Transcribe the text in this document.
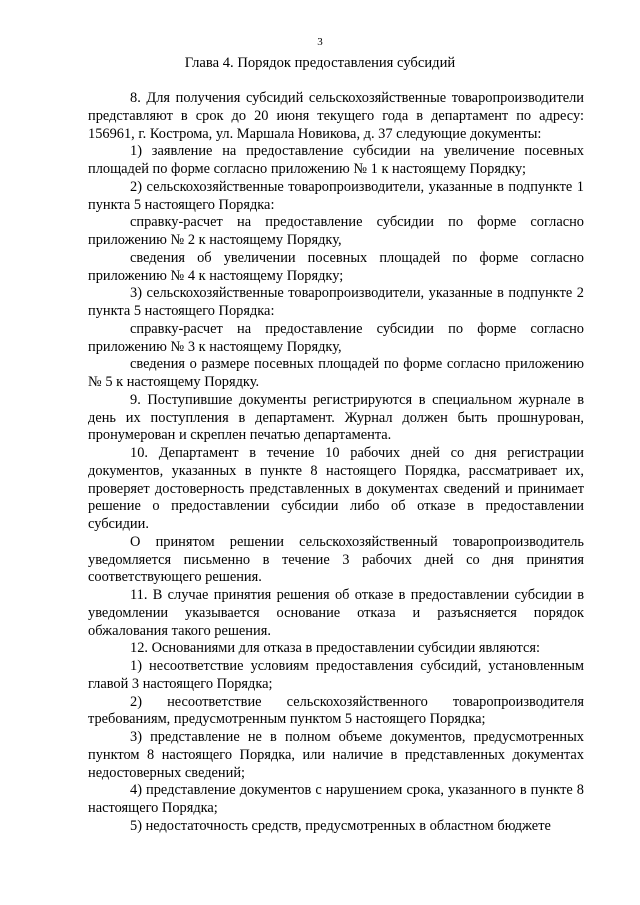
3
Глава 4. Порядок предоставления субсидий

8. Для получения субсидий сельскохозяйственные товаропроизводители представляют в срок до 20 июня текущего года в департамент по адресу: 156961, г. Кострома, ул. Маршала Новикова, д. 37 следующие документы:

1) заявление на предоставление субсидии на увеличение посевных площадей по форме согласно приложению № 1 к настоящему Порядку;

2) сельскохозяйственные товаропроизводители, указанные в подпункте 1 пункта 5 настоящего Порядка:

справку-расчет на предоставление субсидии по форме согласно приложению № 2 к настоящему Порядку,

сведения об увеличении посевных площадей по форме согласно приложению № 4 к настоящему Порядку;

3) сельскохозяйственные товаропроизводители, указанные в подпункте 2 пункта 5 настоящего Порядка:

справку-расчет на предоставление субсидии по форме согласно приложению № 3 к настоящему Порядку,

сведения о размере посевных площадей по форме согласно приложению № 5 к настоящему Порядку.

9. Поступившие документы регистрируются в специальном журнале в день их поступления в департамент. Журнал должен быть прошнурован, пронумерован и скреплен печатью департамента.

10. Департамент в течение 10 рабочих дней со дня регистрации документов, указанных в пункте 8 настоящего Порядка, рассматривает их, проверяет достоверность представленных в документах сведений и принимает решение о предоставлении субсидии либо об отказе в предоставлении субсидии.

О принятом решении сельскохозяйственный товаропроизводитель уведомляется письменно в течение 3 рабочих дней со дня принятия соответствующего решения.

11. В случае принятия решения об отказе в предоставлении субсидии в уведомлении указывается основание отказа и разъясняется порядок обжалования такого решения.

12. Основаниями для отказа в предоставлении субсидии являются:

1) несоответствие условиям предоставления субсидий, установленным главой 3 настоящего Порядка;

2) несоответствие сельскохозяйственного товаропроизводителя требованиям, предусмотренным пунктом 5 настоящего Порядка;

3) представление не в полном объеме документов, предусмотренных пунктом 8 настоящего Порядка, или наличие в представленных документах недостоверных сведений;

4) представление документов с нарушением срока, указанного в пункте 8 настоящего Порядка;

5) недостаточность средств, предусмотренных в областном бюджете
